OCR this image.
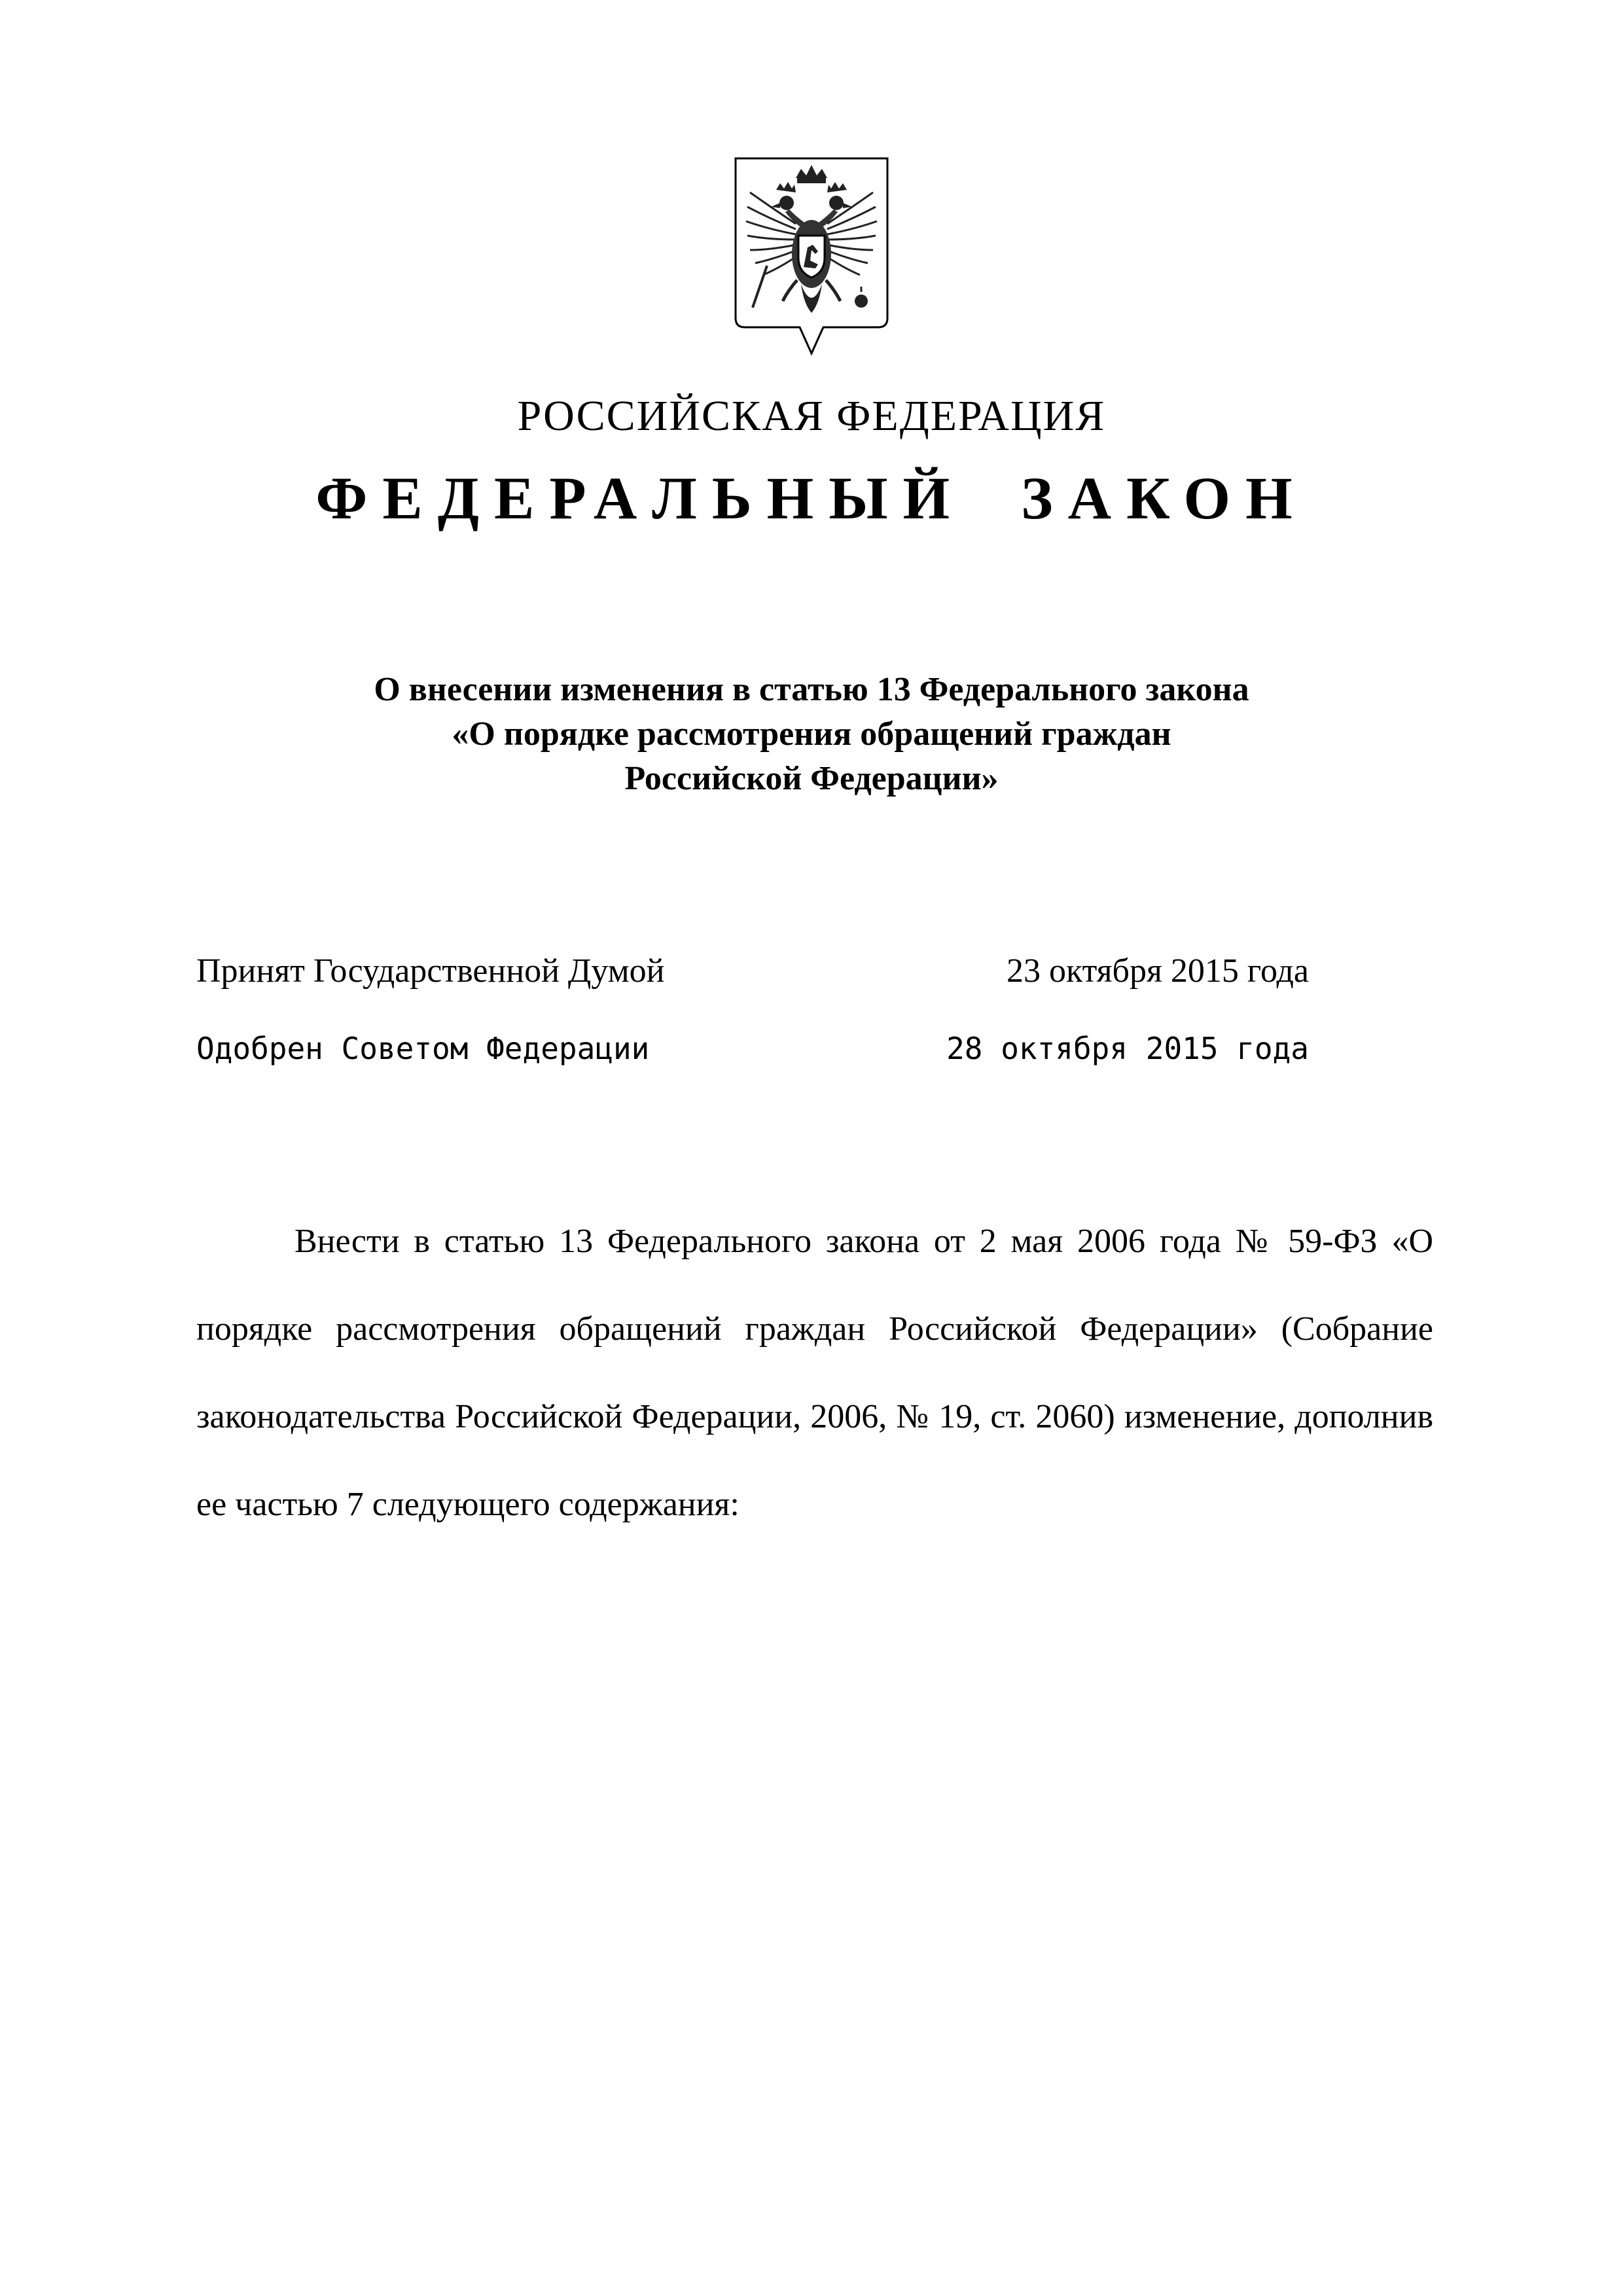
РОССИЙСКАЯ ФЕДЕРАЦИЯ
ФЕДЕРАЛЬНЫЙ ЗАКОН
О внесении изменения в статью 13 Федерального закона
«О порядке рассмотрения обращений граждан
Российской Федерации»
Принят Государственной Думой	23 октября 2015 года
Одобрен Советом Федерации	28 октября 2015 года

Внести в статью 13 Федерального закона от 2 мая 2006 года № 59-ФЗ «О порядке рассмотрения обращений граждан Российской Федерации» (Собрание законодательства Российской Федерации, 2006, № 19, ст. 2060) изменение, дополнив ее частью 7 следующего содержания:
